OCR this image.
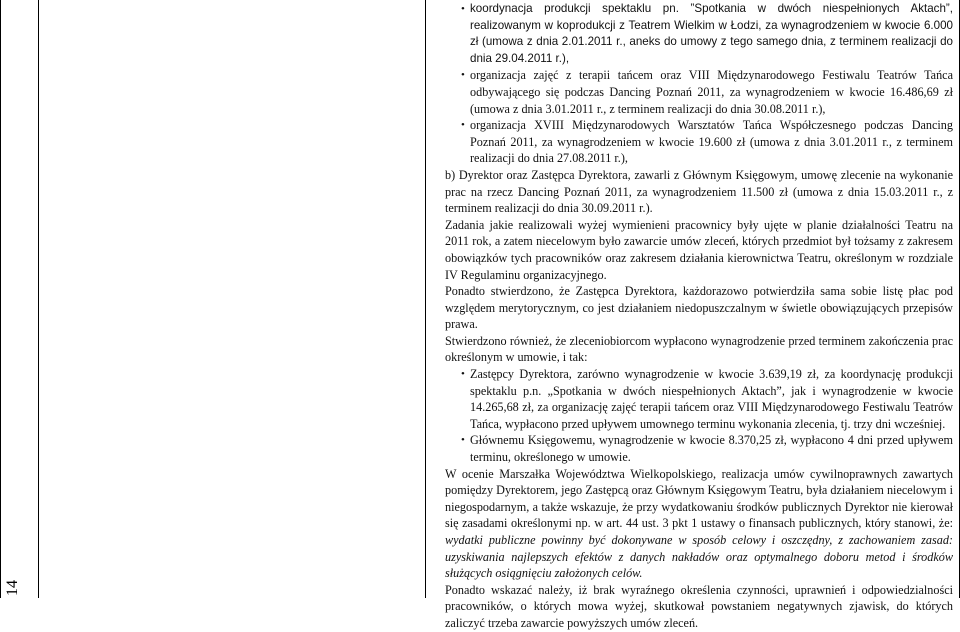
14
• koordynacja produkcji spektaklu pn. ”Spotkania w dwóch niespełnionych Aktach”, realizowanym w koprodukcji z Teatrem Wielkim w Łodzi, za wynagrodzeniem w kwocie 6.000 zł (umowa z dnia 2.01.2011 r., aneks do umowy z tego samego dnia, z terminem realizacji do dnia 29.04.2011 r.),
• organizacja zajęć z terapii tańcem oraz VIII Międzynarodowego Festiwalu Teatrów Tańca odbywającego się podczas Dancing Poznań 2011, za wynagrodzeniem w kwocie 16.486,69 zł (umowa z dnia 3.01.2011 r., z terminem realizacji do dnia 30.08.2011 r.),
• organizacja XVIII Międzynarodowych Warsztatów Tańca Współczesnego podczas Dancing Poznań 2011, za wynagrodzeniem w kwocie 19.600 zł (umowa z dnia 3.01.2011 r., z terminem realizacji do dnia 27.08.2011 r.),

b) Dyrektor oraz Zastępca Dyrektora, zawarli z Głównym Księgowym, umowę zlecenie na wykonanie prac na rzecz Dancing Poznań 2011, za wynagrodzeniem 11.500 zł (umowa z dnia 15.03.2011 r., z terminem realizacji do dnia 30.09.2011 r.).

Zadania jakie realizowali wyżej wymienieni pracownicy były ujęte w planie działalności Teatru na 2011 rok, a zatem niecelowym było zawarcie umów zleceń, których przedmiot był tożsamy z zakresem obowiązków tych pracowników oraz zakresem działania kierownictwa Teatru, określonym w rozdziale IV Regulaminu organizacyjnego.

Ponadto stwierdzono, że Zastępca Dyrektora, każdorazowo potwierdziła sama sobie listę płac pod względem merytorycznym, co jest działaniem niedopuszczalnym w świetle obowiązujących przepisów prawa.

Stwierdzono również, że zleceniobiorcom wypłacono wynagrodzenie przed terminem zakończenia prac określonym w umowie, i tak:

• Zastępcy Dyrektora, zarówno wynagrodzenie w kwocie 3.639,19 zł, za koordynację produkcji spektaklu p.n. „Spotkania w dwóch niespełnionych Aktach”, jak i wynagrodzenie w kwocie 14.265,68 zł, za organizację zajęć terapii tańcem oraz VIII Międzynarodowego Festiwalu Teatrów Tańca, wypłacono przed upływem umownego terminu wykonania zlecenia, tj. trzy dni wcześniej.
• Głównemu Księgowemu, wynagrodzenie w kwocie 8.370,25 zł, wypłacono 4 dni przed upływem terminu, określonego w umowie.

W ocenie Marszałka Województwa Wielkopolskiego, realizacja umów cywilnoprawnych zawartych pomiędzy Dyrektorem, jego Zastępcą oraz Głównym Księgowym Teatru, była działaniem niecelowym i niegospodarnym, a także wskazuje, że przy wydatkowaniu środków publicznych Dyrektor nie kierował się zasadami określonymi np. w art. 44 ust. 3 pkt 1 ustawy o finansach publicznych, który stanowi, że: wydatki publiczne powinny być dokonywane w sposób celowy i oszczędny, z zachowaniem zasad: uzyskiwania najlepszych efektów z danych nakładów oraz optymalnego doboru metod i środków służących osiągnięciu założonych celów.

Ponadto wskazać należy, iż brak wyraźnego określenia czynności, uprawnień i odpowiedzialności pracowników, o których mowa wyżej, skutkował powstaniem negatywnych zjawisk, do których zaliczyć trzeba zawarcie powyższych umów zleceń.
